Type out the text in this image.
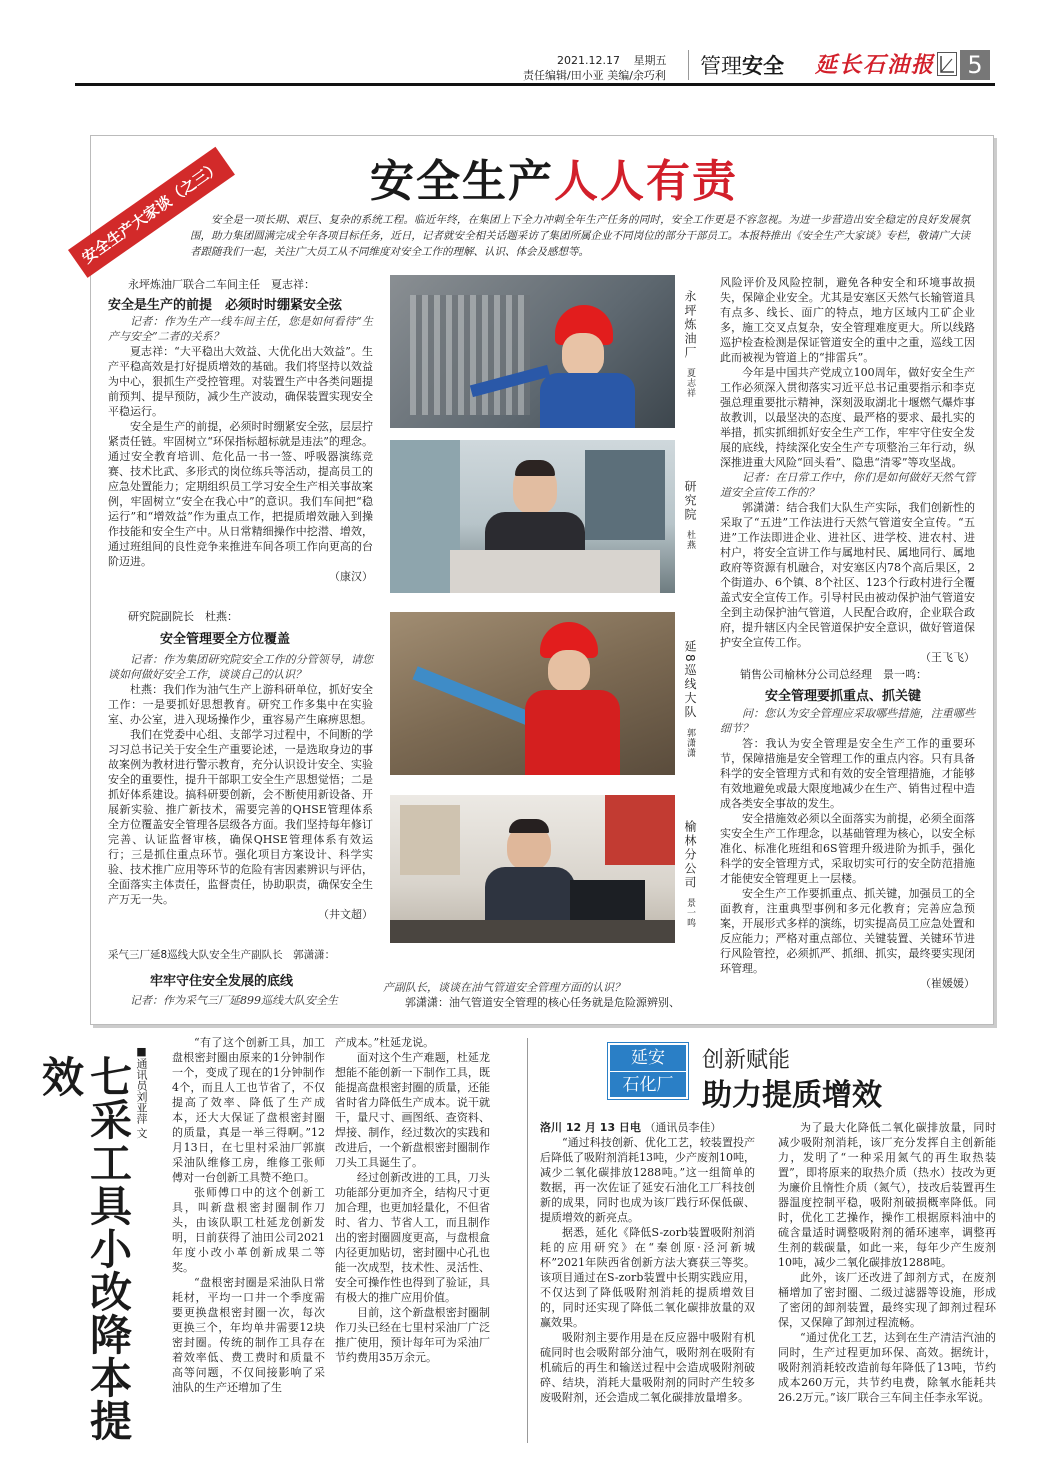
2021.12.17 星期五
责任编辑/田小亚 美编/余巧利 管理安全 延长石油报	5
安全生产大家谈（之三）	安全生产人人有责
安全是一项长期、艰巨、复杂的系统工程。临近年终，在集团上下全力冲刺全年生产任务的同时，安全工作更是不容忽视。为进一步营造出安全稳定的良好发展氛围，助力集团圆满完成全年各项目标任务，近日，记者就安全相关话题采访了集团所属企业不同岗位的部分干部员工。本报特推出《安全生产大家谈》专栏，敬请广大读者跟随我们一起，关注广大员工从不同维度对安全工作的理解、认识、体会及感想等。
永坪炼油厂联合二车间主任　夏志祥：
安全是生产的前提　必须时时绷紧安全弦
记者：作为生产一线车间主任，您是如何看待“生产与安全”二者的关系？
夏志祥：“大平稳出大效益、大优化出大效益”。生产平稳高效是打好提质增效的基础。我们将坚持以效益为中心，狠抓生产受控管理。对装置生产中各类问题提前预判、提早预防，减少生产波动，确保装置实现安全平稳运行。
安全是生产的前提，必须时时绷紧安全弦，层层拧紧责任链。牢固树立“环保指标超标就是违法”的理念。通过安全教育培训、危化品一书一签、呼吸器演练竞赛、技术比武、多形式的岗位练兵等活动，提高员工的应急处置能力；定期组织员工学习安全生产相关事故案例，牢固树立“安全在我心中”的意识。我们车间把“稳运行”和“增效益”作为重点工作，把提质增效融入到操作技能和安全生产中。从日常精细操作中挖潜、增效，通过班组间的良性竞争来推进车间各项工作向更高的台阶迈进。
（康汉）
研究院副院长　杜燕：
安全管理要全方位覆盖
记者：作为集团研究院安全工作的分管领导，请您谈如何做好安全工作，谈谈自己的认识？
杜燕：我们作为油气生产上游科研单位，抓好安全工作：一是要抓好思想教育。研究工作多集中在实验室、办公室，进入现场操作少，重容易产生麻痹思想。
我们在党委中心组、支部学习过程中，不间断的学习习总书记关于安全生产重要论述，一是选取身边的事故案例为教材进行警示教育，充分认识设计安全、实验安全的重要性，提升干部职工安全生产思想觉悟；二是抓好体系建设。搞科研要创新，会不断使用新设备、开展新实验、推广新技术，需要完善的QHSE管理体系全方位覆盖安全管理各层级各方面。我们坚持每年修订完善、认证监督审核，确保QHSE管理体系有效运行；三是抓住重点环节。强化项目方案设计、科学实验、技术推广应用等环节的危险有害因素辨识与评估，全面落实主体责任，监督责任，协助职责，确保安全生产万无一失。
（井文超）
采气三厂延8巡线大队安全生产副队长　郭潇潇：
牢牢守住安全发展的底线
记者：作为采气三厂延899巡线大队安全生
永坪炼油厂夏志祥
研究院杜燕
延8巡线大队郭潇潇
榆林分公司景一鸣
产副队长，谈谈在油气管道安全管理方面的认识？
郭潇潇：油气管道安全管理的核心任务就是危险源辨别、
风险评价及风险控制，避免各种安全和环境事故损失，保障企业安全。尤其是安塞区天然气长输管道具有点多、线长、面广的特点，地方区域内工矿企业多，施工交叉点复杂，安全管理难度更大。所以线路巡护检查检测是保证管道安全的重中之重，巡线工因此而被视为管道上的“排雷兵”。
今年是中国共产党成立100周年，做好安全生产工作必须深入贯彻落实习近平总书记重要指示和李克强总理重要批示精神，深刻汲取湖北十堰燃气爆炸事故教训，以最坚决的态度、最严格的要求、最扎实的举措，抓实抓细抓好安全生产工作，牢牢守住安全发展的底线，持续深化安全生产专项整治三年行动，纵深推进重大风险“回头看”、隐患“清零”等攻坚战。
记者：在日常工作中，你们是如何做好天然气管道安全宣传工作的？
郭潇潇：结合我们大队生产实际，我们创新性的采取了“五进”工作法进行天然气管道安全宣传。“五进”工作法即进企业、进社区、进学校、进农村、进村户，将安全宣讲工作与属地村民、属地同行、属地政府等资源有机融合，对安塞区内78个高后果区，2个街道办、6个镇、8个社区、123个行政村进行全覆盖式安全宣传工作。引导村民由被动保护油气管道安全到主动保护油气管道，人民配合政府，企业联合政府，提升辖区内全民管道保护安全意识，做好管道保护安全宣传工作。
（王飞飞）
销售公司榆林分公司总经理　景一鸣：
安全管理要抓重点、抓关键
问：您认为安全管理应采取哪些措施，注重哪些细节？
答：我认为安全管理是安全生产工作的重要环节，保障措施是安全管理工作的重点内容。只有具备科学的安全管理方式和有效的安全管理措施，才能够有效地避免或最大限度地减少在生产、销售过程中造成各类安全事故的发生。
安全措施效必须以全面落实为前提，必须全面落实安全生产工作理念，以基础管理为核心，以安全标准化、标准化班组和6S管理升级进阶为抓手，强化科学的安全管理方式，采取切实可行的安全防范措施才能使安全管理更上一层楼。
安全生产工作要抓重点、抓关键，加强员工的全面教育，注重典型事例和多元化教育；完善应急预案，开展形式多样的演练，切实提高员工应急处置和反应能力；严格对重点部位、关键装置、关键环节进行风险管控，必须抓严、抓细、抓实，最终要实现闭环管理。
（崔媛媛）
七采工具小改降本提效	■通讯员刘亚萍 文
“有了这个创新工具，加工盘根密封圈由原来的1分钟制作一个，变成了现在的1分钟制作4个，而且人工也节省了，不仅提高了效率、降低了生产成本，还大大保证了盘根密封圈的质量，真是一举三得啊。”12月13日，在七里村采油厂郭旗采油队维修工房，维修工张师傅对一台创新工具赞不绝口。
张师傅口中的这个创新工具，叫新盘根密封圈制作刀头，由该队职工杜延龙创新发明，日前获得了油田公司2021年度小改小革创新成果二等奖。
“盘根密封圈是采油队日常耗材，平均一口井一个季度需要更换盘根密封圈一次，每次更换三个，年均单井需要12块密封圈。传统的制作工具存在着效率低、费工费时和质量不高等问题，不仅间接影响了采油队的生产还增加了生
产成本。”杜延龙说。
面对这个生产难题，杜延龙想能不能创新一下制作工具，既能提高盘根密封圈的质量，还能省时省力降低生产成本。说干就干，量尺寸、画图纸、查资料、焊接、制作，经过数次的实践和改进后，一个新盘根密封圈制作刀头工具诞生了。
经过创新改进的工具，刀头功能部分更加齐全，结构尺寸更加合理，也更加轻量化，不但省时、省力、节省人工，而且制作出的密封圈圆度更高，与盘根盒内径更加贴切，密封圈中心孔也能一次成型，技术性、灵活性、安全可操作性也得到了验证，具有极大的推广应用价值。
目前，这个新盘根密封圈制作刀头已经在七里村采油厂广泛推广使用，预计每年可为采油厂节约费用35万余元。
延安
石化厂
创新赋能
助力提质增效
洛川 12 月 13 日电 （通讯员李佳）
“通过科技创新、优化工艺，较装置投产后降低了吸附剂消耗13吨，少产废剂10吨，减少二氧化碳排放1288吨。”这一组简单的数据，再一次佐证了延安石油化工厂科技创新的成果，同时也成为该厂践行环保低碳、提质增效的新亮点。
据悉，延化《降低S-zorb装置吸附剂消耗的应用研究》在“秦创原·泾河新城杯”2021年陕西省创新方法大赛获三等奖。该项目通过在S-zorb装置中长期实践应用，不仅达到了降低吸附剂消耗的提质增效目的，同时还实现了降低二氧化碳排放量的双赢效果。
吸附剂主要作用是在反应器中吸附有机硫同时也会吸附部分油气，吸附剂在吸附有机硫后的再生和输送过程中会造成吸附剂破碎、结块，消耗大量吸附剂的同时产生较多废吸附剂，还会造成二氧化碳排放量增多。
为了最大化降低二氧化碳排放量，同时减少吸附剂消耗，该厂充分发挥自主创新能力，发明了“一种采用氮气的再生取热装置”，即将原来的取热介质（热水）技改为更为廉价且惰性介质（氮气），技改后装置再生器温度控制平稳，吸附剂破损概率降低。同时，优化工艺操作，操作工根据原料油中的硫含量适时调整吸附剂的循环速率，调整再生剂的载碳量，如此一来，每年少产生废剂10吨，减少二氧化碳排放1288吨。
此外，该厂还改进了卸剂方式，在废剂桶增加了密封圈、二级过滤器等设施，形成了密闭的卸剂装置，最终实现了卸剂过程环保，又保障了卸剂过程流畅。
“通过优化工艺，达到在生产清洁汽油的同时，生产过程更加环保、高效。据统计，吸附剂消耗较改造前每年降低了13吨，节约成本260万元，共节约电费，除氧水能耗共26.2万元。”该厂联合三车间主任李永军说。
